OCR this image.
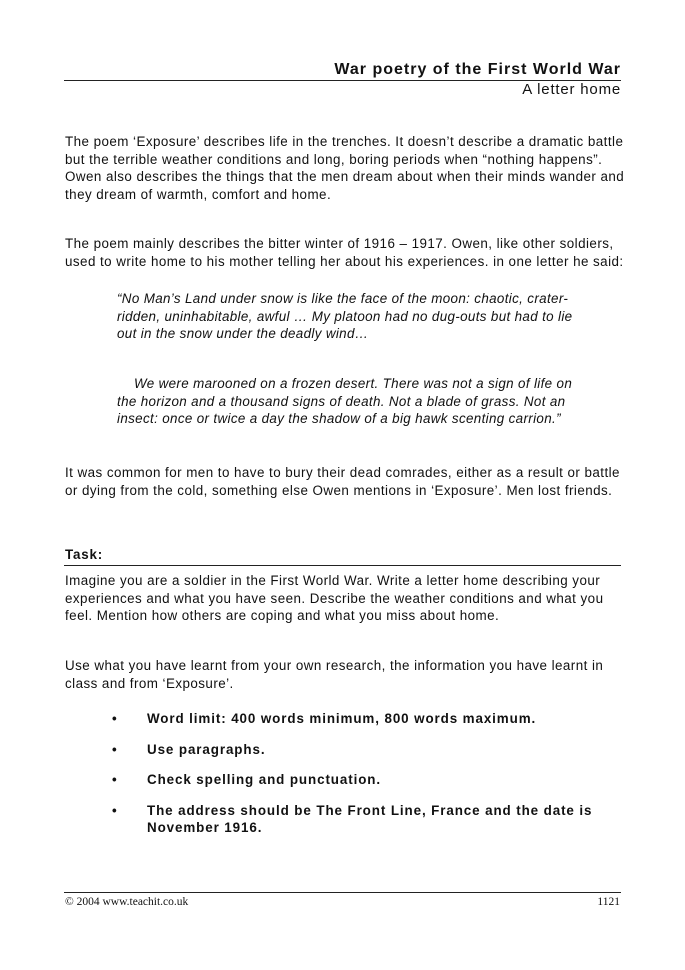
War poetry of the First World War
A letter home

The poem ‘Exposure’ describes life in the trenches. It doesn’t describe a dramatic battle but the terrible weather conditions and long, boring periods when “nothing happens”. Owen also describes the things that the men dream about when their minds wander and they dream of warmth, comfort and home.

The poem mainly describes the bitter winter of 1916 – 1917. Owen, like other soldiers, used to write home to his mother telling her about his experiences. in one letter he said:

“No Man’s Land under snow is like the face of the moon: chaotic, crater-ridden, uninhabitable, awful … My platoon had no dug-outs but had to lie out in the snow under the deadly wind…

We were marooned on a frozen desert. There was not a sign of life on the horizon and a thousand signs of death. Not a blade of grass. Not an insect: once or twice a day the shadow of a big hawk scenting carrion.”

It was common for men to have to bury their dead comrades, either as a result or battle or dying from the cold, something else Owen mentions in ‘Exposure’. Men lost friends.

Task:

Imagine you are a soldier in the First World War. Write a letter home describing your experiences and what you have seen. Describe the weather conditions and what you feel. Mention how others are coping and what you miss about home.

Use what you have learnt from your own research, the information you have learnt in class and from ‘Exposure’.

• Word limit: 400 words minimum, 800 words maximum.
• Use paragraphs.
• Check spelling and punctuation.
• The address should be The Front Line, France and the date is November 1916.
© 2004 www.teachit.co.uk	1121
